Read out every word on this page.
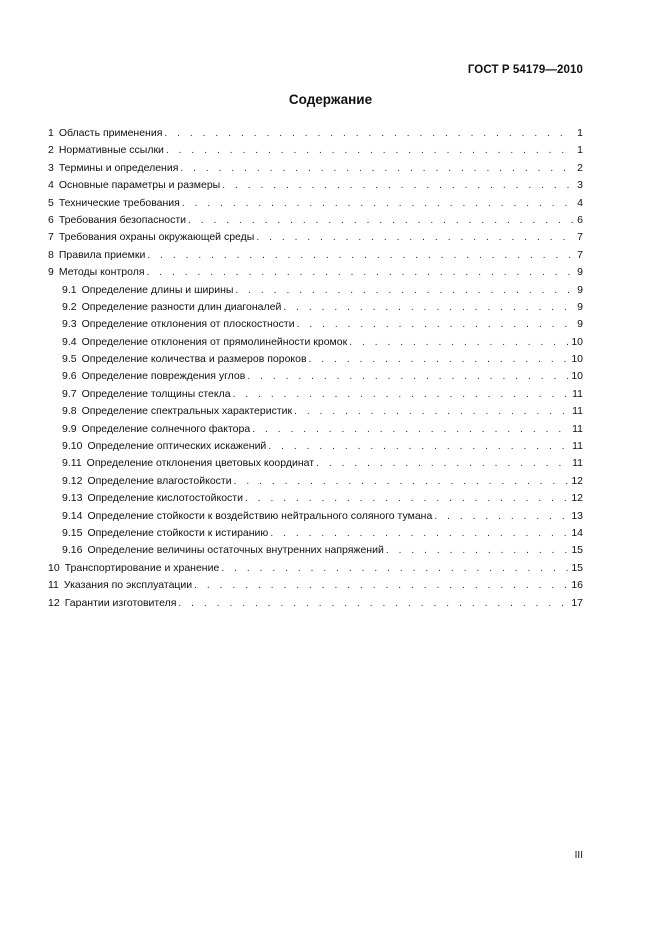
ГОСТ Р 54179—2010
Содержание
1 Область применения . . .	1
2 Нормативные ссылки . . .	1
3 Термины и определения . . .	2
4 Основные параметры и размеры . . .	3
5 Технические требования . . .	4
6 Требования безопасности . . .	6
7 Требования охраны окружающей среды . . .	7
8 Правила приемки . . .	7
9 Методы контроля . . .	9
9.1 Определение длины и ширины . . .	9
9.2 Определение разности длин диагоналей . . .	9
9.3 Определение отклонения от плоскостности . . .	9
9.4 Определение отклонения от прямолинейности кромок . . .	10
9.5 Определение количества и размеров пороков . . .	10
9.6 Определение повреждения углов . . .	10
9.7 Определение толщины стекла . . .	11
9.8 Определение спектральных характеристик . . .	11
9.9 Определение солнечного фактора . . .	11
9.10 Определение оптических искажений . . .	11
9.11 Определение отклонения цветовых координат . . .	11
9.12 Определение влагостойкости . . .	12
9.13 Определение кислотостойкости . . .	12
9.14 Определение стойкости к воздействию нейтрального соляного тумана . . .	13
9.15 Определение стойкости к истиранию . . .	14
9.16 Определение величины остаточных внутренних напряжений . . .	15
10 Транспортирование и хранение . . .	15
11 Указания по эксплуатации . . .	16
12 Гарантии изготовителя . . .	17
III
